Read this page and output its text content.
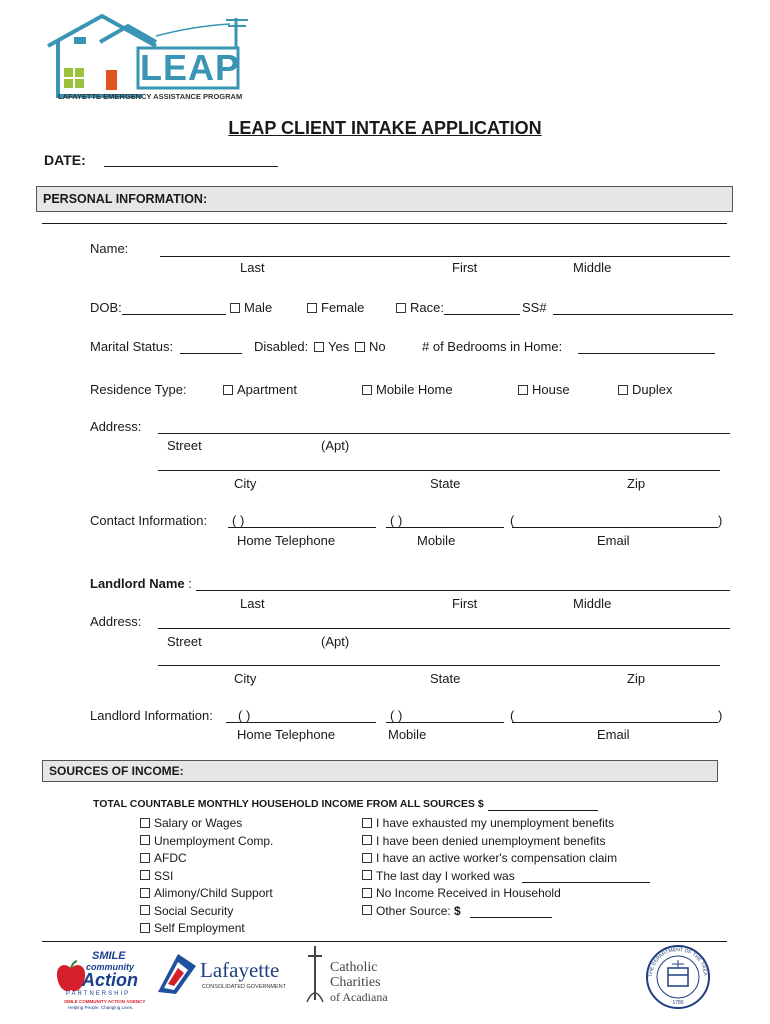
LEAP
LAFAYETTE EMERGENCY ASSISTANCE PROGRAM
LEAP CLIENT INTAKE APPLICATION
DATE:
PERSONAL INFORMATION:
Name:
Last	First	Middle
DOB:	Male	Female	Race:	SS#
Marital Status:	Disabled:	Yes	No	# of Bedrooms in Home:
Residence Type:	Apartment	Mobile Home	House	Duplex
Address:
Street	(Apt)
City	State	Zip
Contact Information: ( )	( )	(	)
Home Telephone	Mobile	Email
Landlord Name :
Last	First	Middle
Address:
Street	(Apt)
City	State	Zip
Landlord Information: ( )	( )	(	)
Home Telephone	Mobile	Email
SOURCES OF INCOME:
TOTAL COUNTABLE MONTHLY HOUSEHOLD INCOME FROM ALL SOURCES $
Salary or Wages
Unemployment Comp.
AFDC
SSI
Alimony/Child Support
Social Security
Self Employment
I have exhausted my unemployment benefits
I have been denied unemployment benefits
I have an active worker's compensation claim
The last day I worked was
No Income Received in Household
Other Source: $
SMILE
community
Action
PARTNERSHIP
SMILE COMMUNITY ACTION AGENCY
Helping People. Changing Lives.
Lafayette
CONSOLIDATED GOVERNMENT
Catholic
Charities
of Acadiana
THE DEPARTMENT OF THE TREA
1789
